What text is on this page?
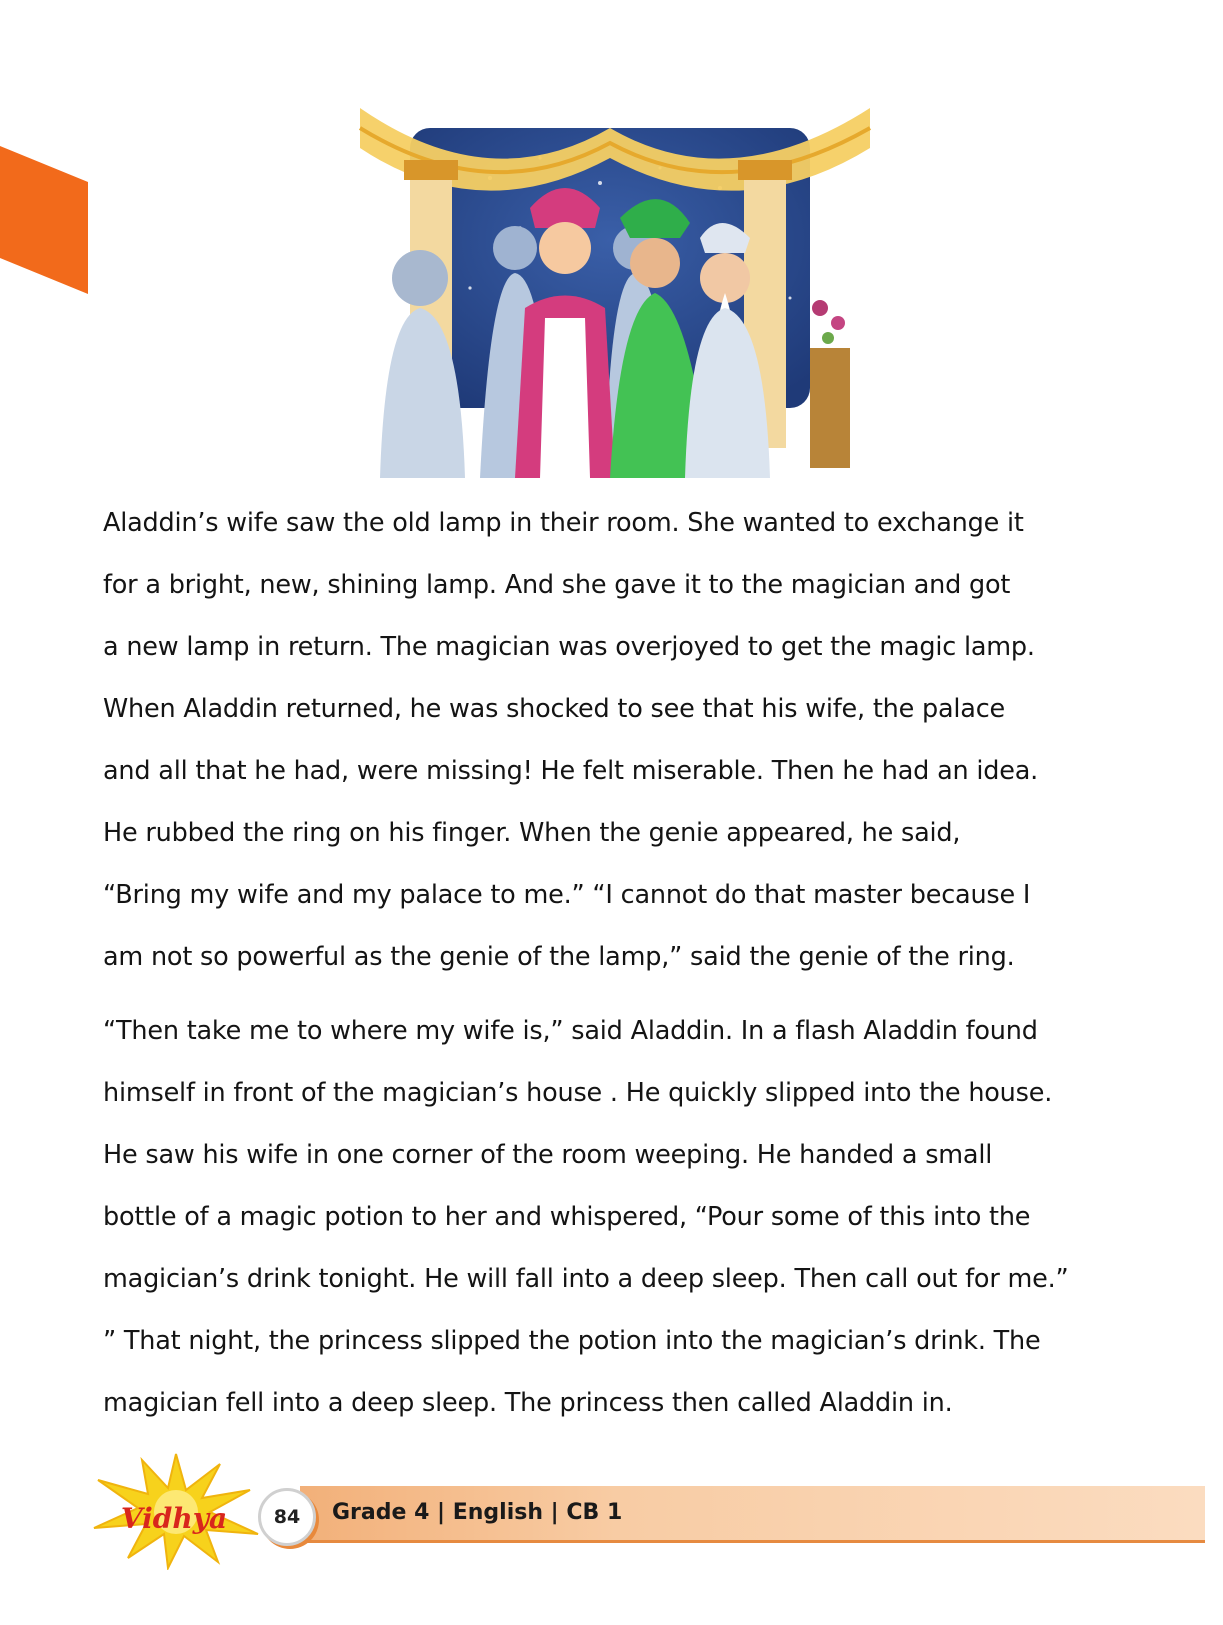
Aladdin’s wife saw the old lamp in their room. She wanted to exchange it
for a bright, new, shining lamp. And she gave it to the magician and got
a new lamp in return. The magician was overjoyed to get the magic lamp.
When Aladdin returned, he was shocked to see that his wife, the palace
and all that he had, were missing! He felt miserable. Then he had an idea.
He rubbed the ring on his finger. When the genie appeared, he said,
“Bring my wife and my palace to me.” “I cannot do that master because I
am not so powerful as the genie of the lamp,” said the genie of the ring.

“Then take me to where my wife is,” said Aladdin. In a flash Aladdin found
himself in front of the magician’s house . He quickly slipped into the house.
He saw his wife in one corner of the room weeping. He handed a small
bottle of a magic potion to her and whispered, “Pour some of this into the
magician’s drink tonight. He will fall into a deep sleep. Then call out for me.”
” That night, the princess slipped the potion into the magician’s drink. The
magician fell into a deep sleep. The princess then called Aladdin in.

Vidhya	84	Grade 4 | English | CB 1
